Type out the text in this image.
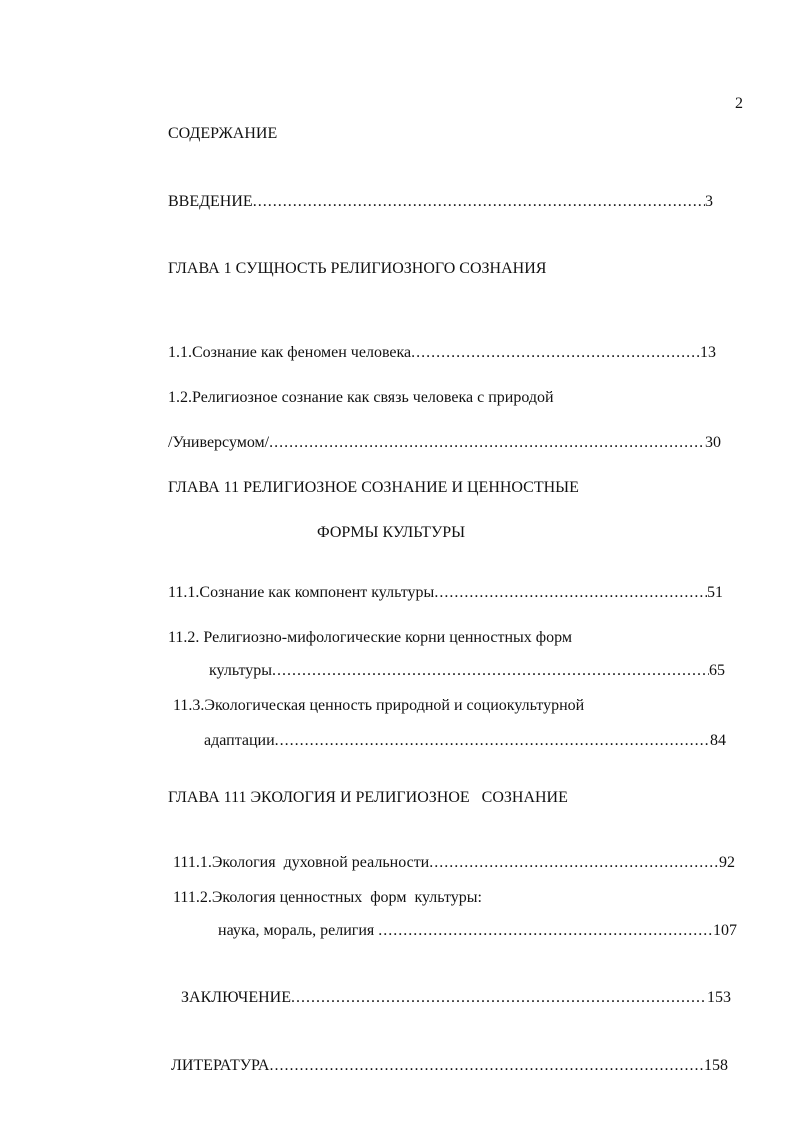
2
СОДЕРЖАНИЕ
ВВЕДЕНИЕ .....	3
ГЛАВА 1 СУЩНОСТЬ РЕЛИГИОЗНОГО СОЗНАНИЯ
1.1.Сознание как феномен человека .....	13
1.2.Религиозное сознание как связь человека с природой
/Универсумом/ .....	30
ГЛАВА 11 РЕЛИГИОЗНОЕ СОЗНАНИЕ И ЦЕННОСТНЫЕ
ФОРМЫ КУЛЬТУРЫ
11.1.Сознание как компонент культуры .....	51
11.2. Религиозно-мифологические корни ценностных форм
культуры .....	65
11.3.Экологическая ценность природной и социокультурной
адаптации .....	84
ГЛАВА 111 ЭКОЛОГИЯ И РЕЛИГИОЗНОЕ   СОЗНАНИЕ
111.1.Экология  духовной реальности .....	92
111.2.Экология ценностных  форм  культуры:
наука, мораль, религия .....	107
ЗАКЛЮЧЕНИЕ .....	153
ЛИТЕРАТУРА .....	158
